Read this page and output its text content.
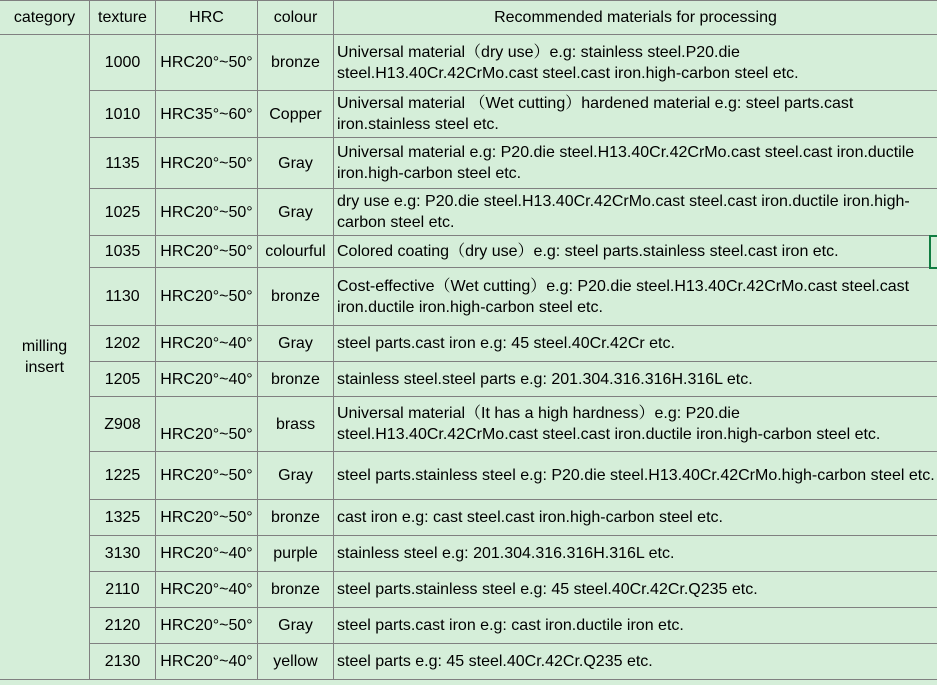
category	texture	HRC	colour	Recommended materials for processing
milling insert	1000	HRC20°~50°	bronze	Universal material（dry use）e.g: stainless steel.P20.die steel.H13.40Cr.42CrMo.cast steel.cast iron.high-carbon steel etc.
	1010	HRC35°~60°	Copper	Universal material （Wet cutting）hardened material e.g: steel parts.cast iron.stainless steel etc.
	1135	HRC20°~50°	Gray	Universal material e.g: P20.die steel.H13.40Cr.42CrMo.cast steel.cast iron.ductile iron.high-carbon steel etc.
	1025	HRC20°~50°	Gray	dry use e.g: P20.die steel.H13.40Cr.42CrMo.cast steel.cast iron.ductile iron.high-carbon steel etc.
	1035	HRC20°~50°	colourful	Colored coating（dry use）e.g: steel parts.stainless steel.cast iron etc.
	1130	HRC20°~50°	bronze	Cost-effective（Wet cutting）e.g: P20.die steel.H13.40Cr.42CrMo.cast steel.cast iron.ductile iron.high-carbon steel etc.
	1202	HRC20°~40°	Gray	steel parts.cast iron e.g: 45 steel.40Cr.42Cr etc.
	1205	HRC20°~40°	bronze	stainless steel.steel parts e.g: 201.304.316.316H.316L etc.
	Z908	HRC20°~50°	brass	Universal material（It has a high hardness）e.g: P20.die steel.H13.40Cr.42CrMo.cast steel.cast iron.ductile iron.high-carbon steel etc.
	1225	HRC20°~50°	Gray	steel parts.stainless steel e.g: P20.die steel.H13.40Cr.42CrMo.high-carbon steel etc.
	1325	HRC20°~50°	bronze	cast iron e.g: cast steel.cast iron.high-carbon steel etc.
	3130	HRC20°~40°	purple	stainless steel e.g: 201.304.316.316H.316L etc.
	2110	HRC20°~40°	bronze	steel parts.stainless steel e.g: 45 steel.40Cr.42Cr.Q235 etc.
	2120	HRC20°~50°	Gray	steel parts.cast iron e.g: cast iron.ductile iron etc.
	2130	HRC20°~40°	yellow	steel parts e.g: 45 steel.40Cr.42Cr.Q235 etc.
